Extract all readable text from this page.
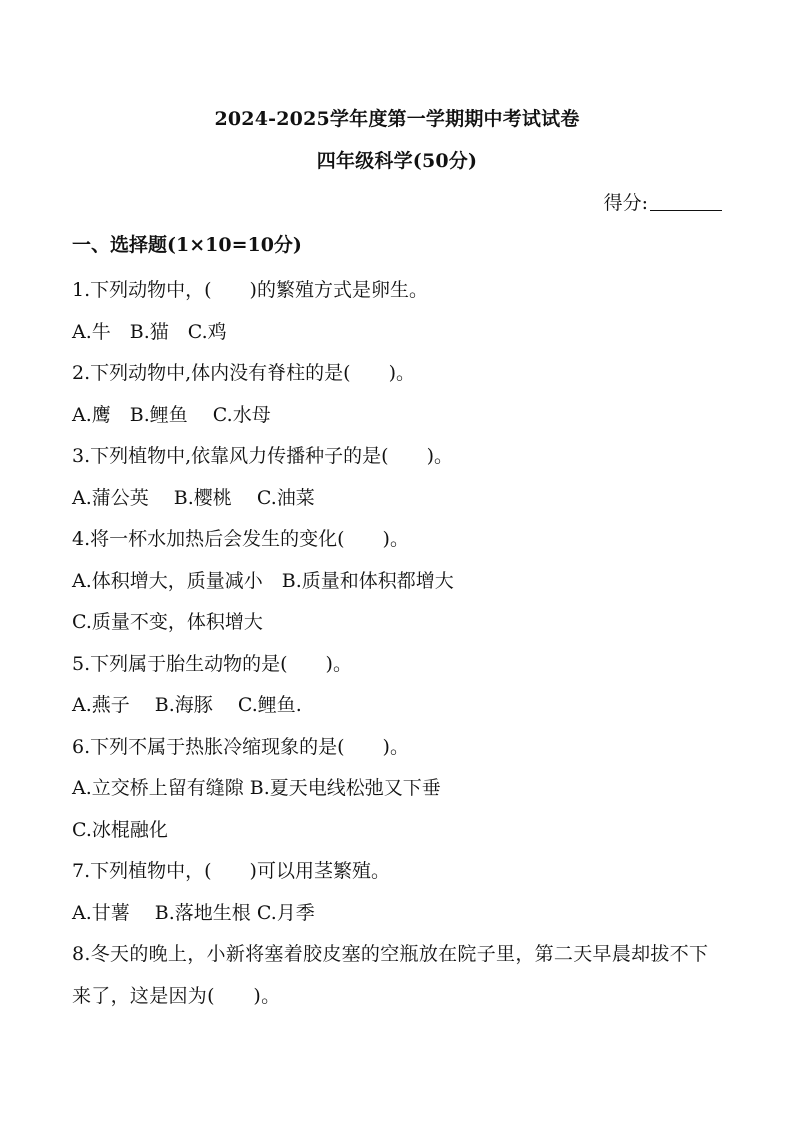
2024-2025学年度第一学期期中考试试卷
四年级科学(50分)
得分:
一、选择题(1×10=10分)
1.下列动物中，(　　)的繁殖方式是卵生。
A.牛　B.猫　C.鸡
2.下列动物中,体内没有脊柱的是(　　)。
A.鹰　B.鲤鱼　 C.水母
3.下列植物中,依靠风力传播种子的是(　　)。
A.蒲公英　 B.樱桃　 C.油菜
4.将一杯水加热后会发生的变化(　　)。
A.体积增大，质量减小　B.质量和体积都增大
C.质量不变，体积增大
5.下列属于胎生动物的是(　　)。
A.燕子　 B.海豚　 C.鲤鱼.
6.下列不属于热胀冷缩现象的是(　　)。
A.立交桥上留有缝隙 B.夏天电线松弛又下垂
C.冰棍融化
7.下列植物中，(　　)可以用茎繁殖。
A.甘薯　 B.落地生根 C.月季
8.冬天的晚上，小新将塞着胶皮塞的空瓶放在院子里，第二天早晨却拔不下来了，这是因为(　　)。
